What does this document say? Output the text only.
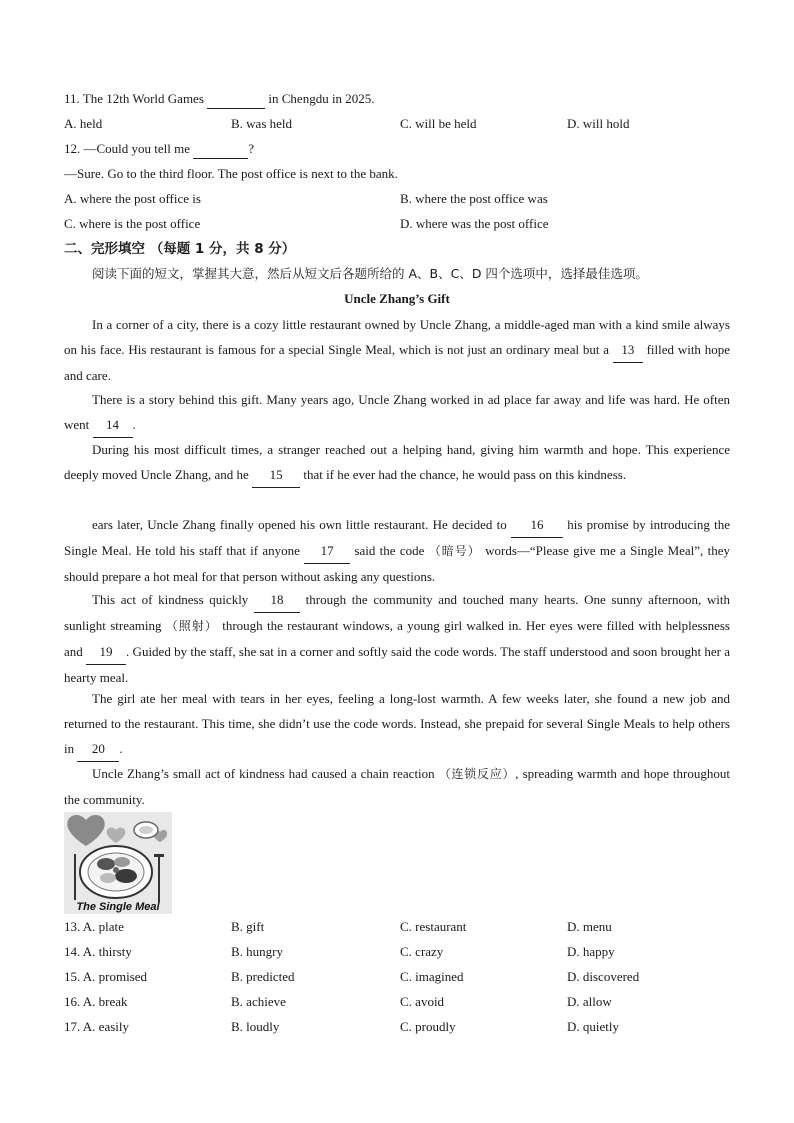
11. The 12th World Games	in Chengdu in 2025.
A. held	B. was held	C. will be held	D. will hold
12. —Could you tell me	?
—Sure. Go to the third floor. The post office is next to the bank.
A. where the post office is	B. where the post office was
C. where is the post office	D. where was the post office
二、完形填空 （每题 1 分，共 8 分）
阅读下面的短文，掌握其大意，然后从短文后各题所给的 A、B、C、D 四个选项中，选择最佳选项。
Uncle Zhang’s Gift
In a corner of a city, there is a cozy little restaurant owned by Uncle Zhang, a middle-aged man with a kind smile always on his face. His restaurant is famous for a special Single Meal, which is not just an ordinary meal but a 13 filled with hope and care.
There is a story behind this gift. Many years ago, Uncle Zhang worked in ad place far away and life was hard. He often went 14 .
During his most difficult times, a stranger reached out a helping hand, giving him warmth and hope. This experience deeply moved Uncle Zhang, and he 15 that if he ever had the chance, he would pass on this kindness.
ears later, Uncle Zhang finally opened his own little restaurant. He decided to 16 his promise by introducing the Single Meal. He told his staff that if anyone 17 said the code （暗号） words—“Please give me a Single Meal”, they should prepare a hot meal for that person without asking any questions.
This act of kindness quickly 18 through the community and touched many hearts. One sunny afternoon, with sunlight streaming （照射） through the restaurant windows, a young girl walked in. Her eyes were filled with helplessness and 19 . Guided by the staff, she sat in a corner and softly said the code words. The staff understood and soon brought her a hearty meal.
The girl ate her meal with tears in her eyes, feeling a long-lost warmth. A few weeks later, she found a new job and returned to the restaurant. This time, she didn’t use the code words. Instead, she prepaid for several Single Meals to help others in 20 .
Uncle Zhang’s small act of kindness had caused a chain reaction （连锁反应）, spreading warmth and hope throughout the community.
The Single Meal
13. A. plate	B. gift	C. restaurant	D. menu
14. A. thirsty	B. hungry	C. crazy	D. happy
15. A. promised	B. predicted	C. imagined	D. discovered
16. A. break	B. achieve	C. avoid	D. allow
17. A. easily	B. loudly	C. proudly	D. quietly
